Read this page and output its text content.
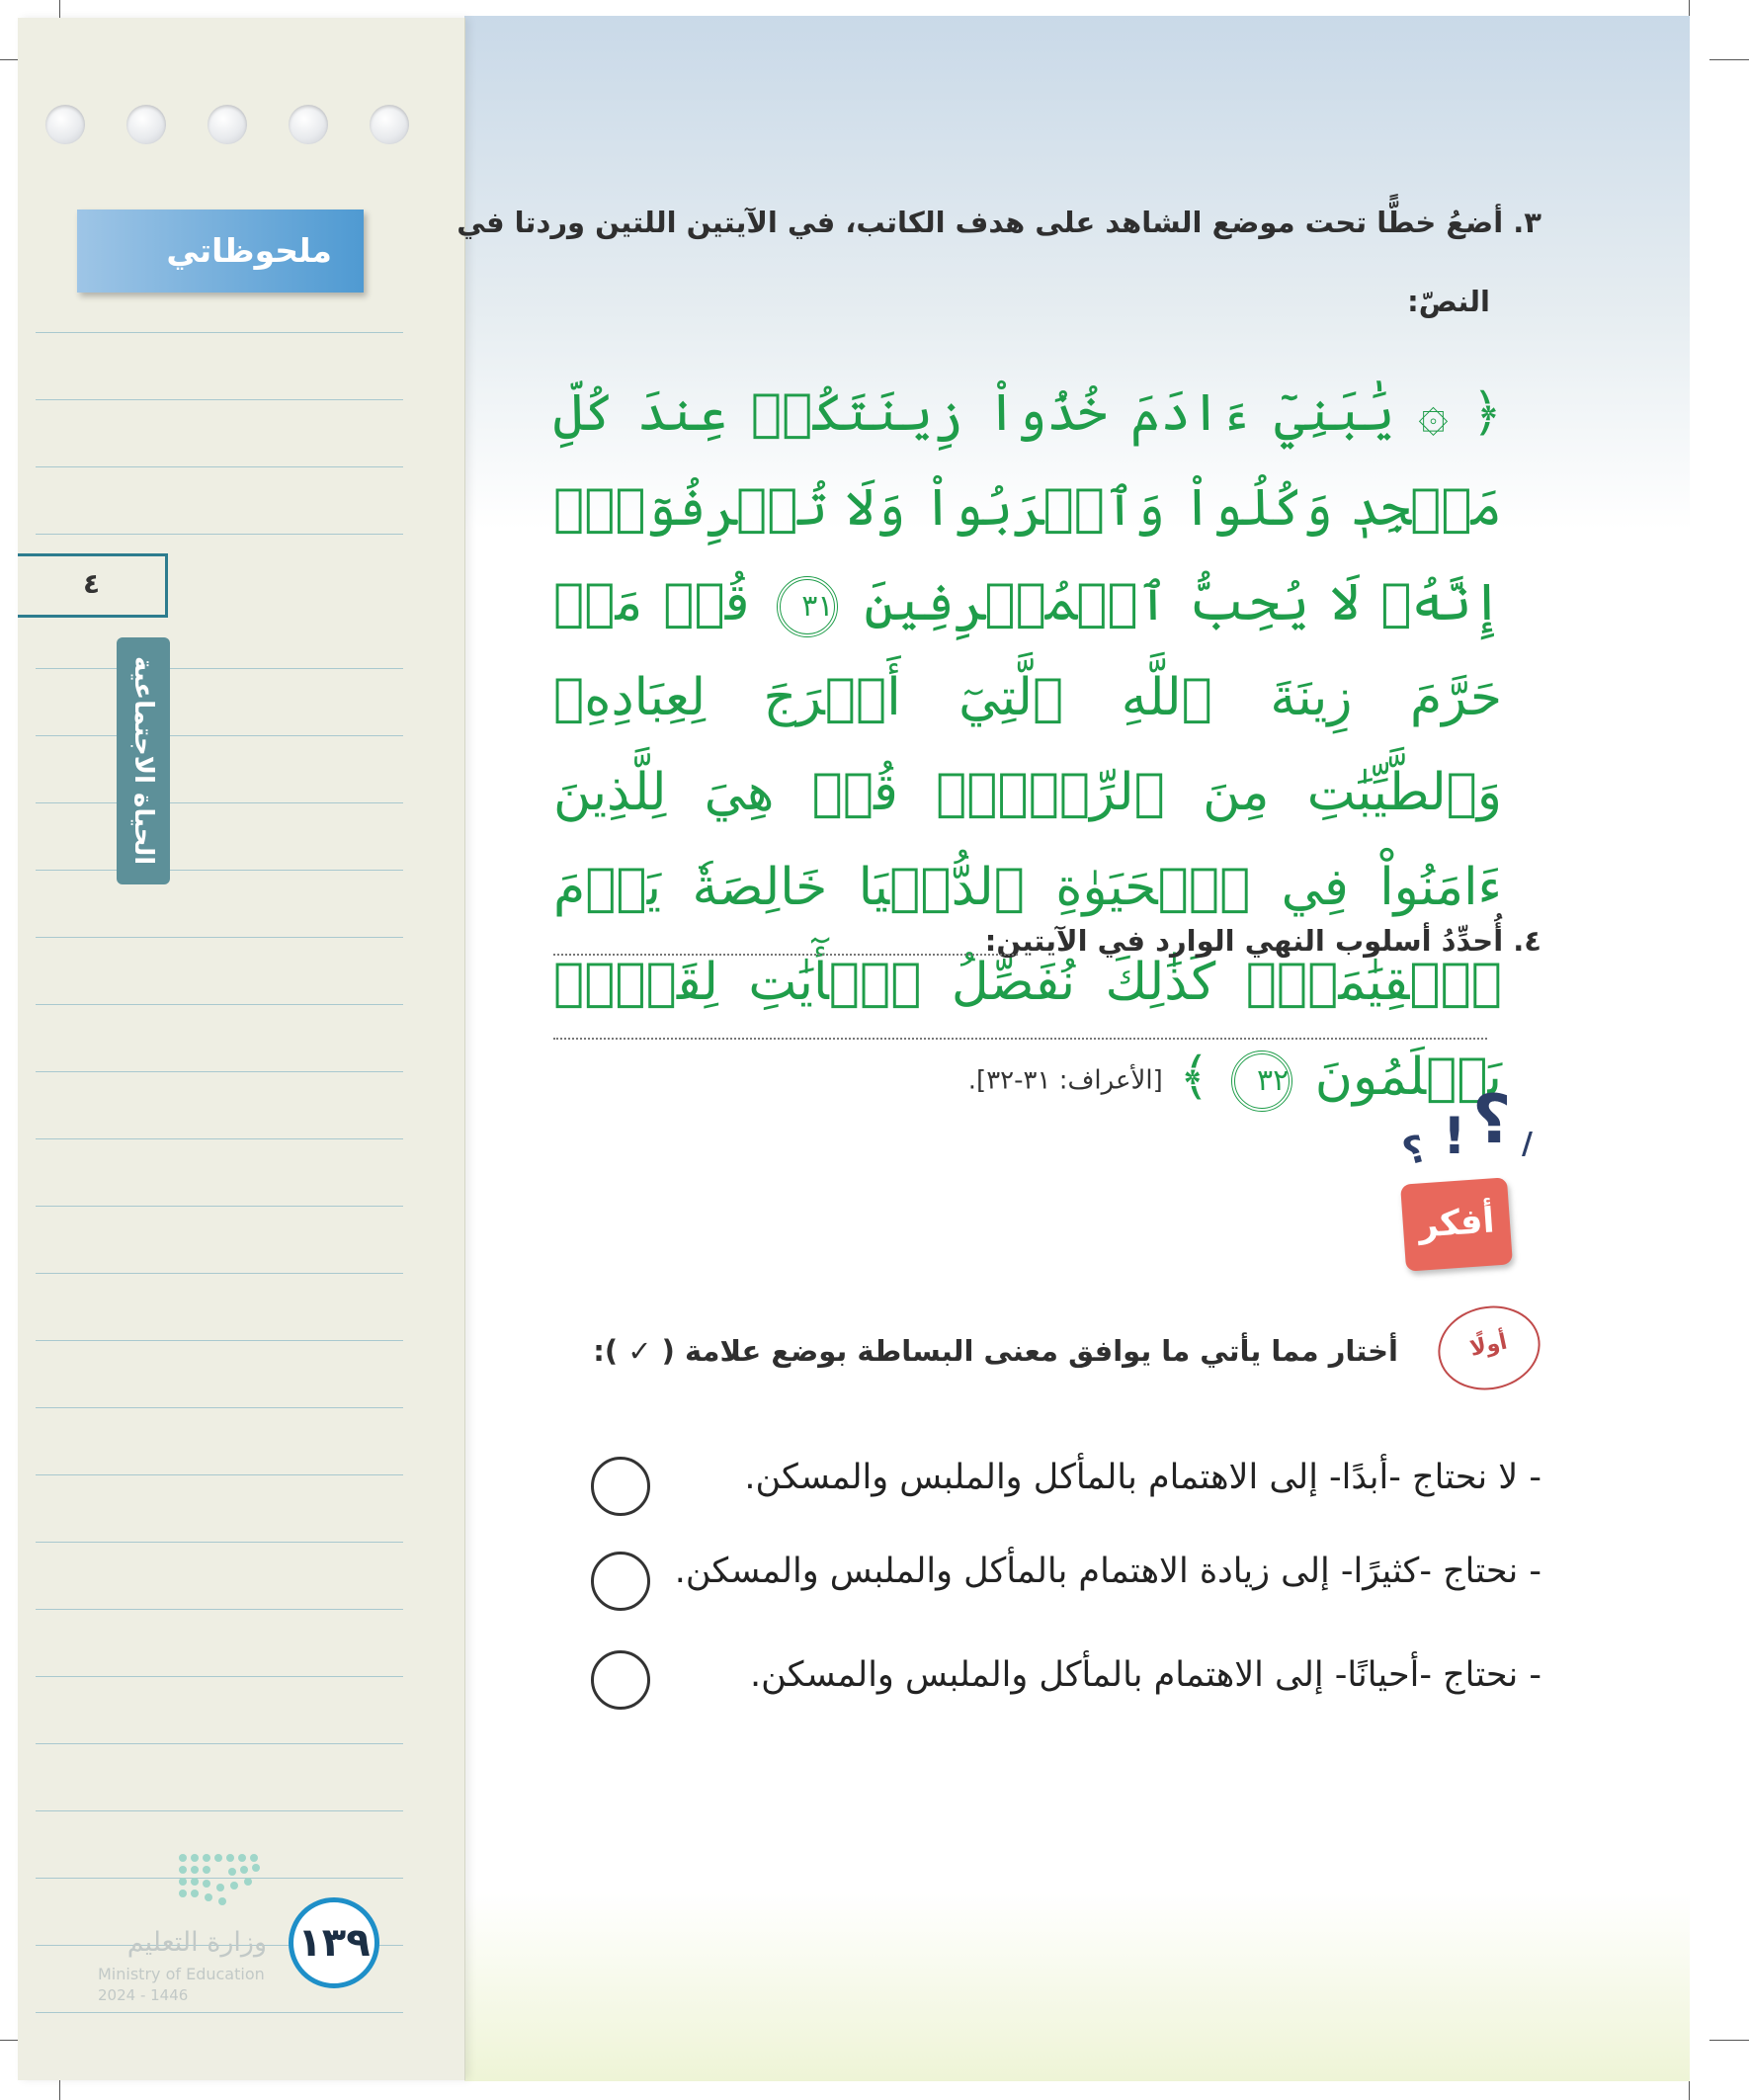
ملحوظاتي
٤
الحياة الاجتماعية
وزارة التعليم
Ministry of Education
2024 - 1446
١٣٩
٣. أضعُ خطًّا تحت موضع الشاهد على هدف الكاتب، في الآيتين اللتين وردتا في
النصّ:
﴿ ۞ يَٰبَنِيٓ ءَادَمَ خُذُواْ زِينَتَكُمۡ عِندَ كُلِّ مَسۡجِدٖ وَكُلُواْ وَٱشۡرَبُواْ وَلَا تُسۡرِفُوٓاْۚ إِنَّهُۥ لَا يُحِبُّ ٱلۡمُسۡرِفِينَ ٣١ قُلۡ مَنۡ حَرَّمَ زِينَةَ ٱللَّهِ ٱلَّتِيٓ أَخۡرَجَ لِعِبَادِهِۦ وَٱلطَّيِّبَٰتِ مِنَ ٱلرِّزۡقِۚ قُلۡ هِيَ لِلَّذِينَ ءَامَنُواْ فِي ٱلۡحَيَوٰةِ ٱلدُّنۡيَا خَالِصَةٗ يَوۡمَ ٱلۡقِيَٰمَةِۗ كَذَٰلِكَ نُفَصِّلُ ٱلۡأٓيَٰتِ لِقَوۡمٖ يَعۡلَمُونَ ٣٢ ﴾ [الأعراف: ٣١-٣٢].
٤. أُحدِّدُ أسلوب النهي الوارد في الآيتين:
؟ ! ؟ /
أفكر
أولًا
أختار مما يأتي ما يوافق معنى البساطة بوضع علامة ( ✓ ):
- لا نحتاج -أبدًا- إلى الاهتمام بالمأكل والملبس والمسكن.
- نحتاج -كثيرًا- إلى زيادة الاهتمام بالمأكل والملبس والمسكن.
- نحتاج -أحيانًا- إلى الاهتمام بالمأكل والملبس والمسكن.
